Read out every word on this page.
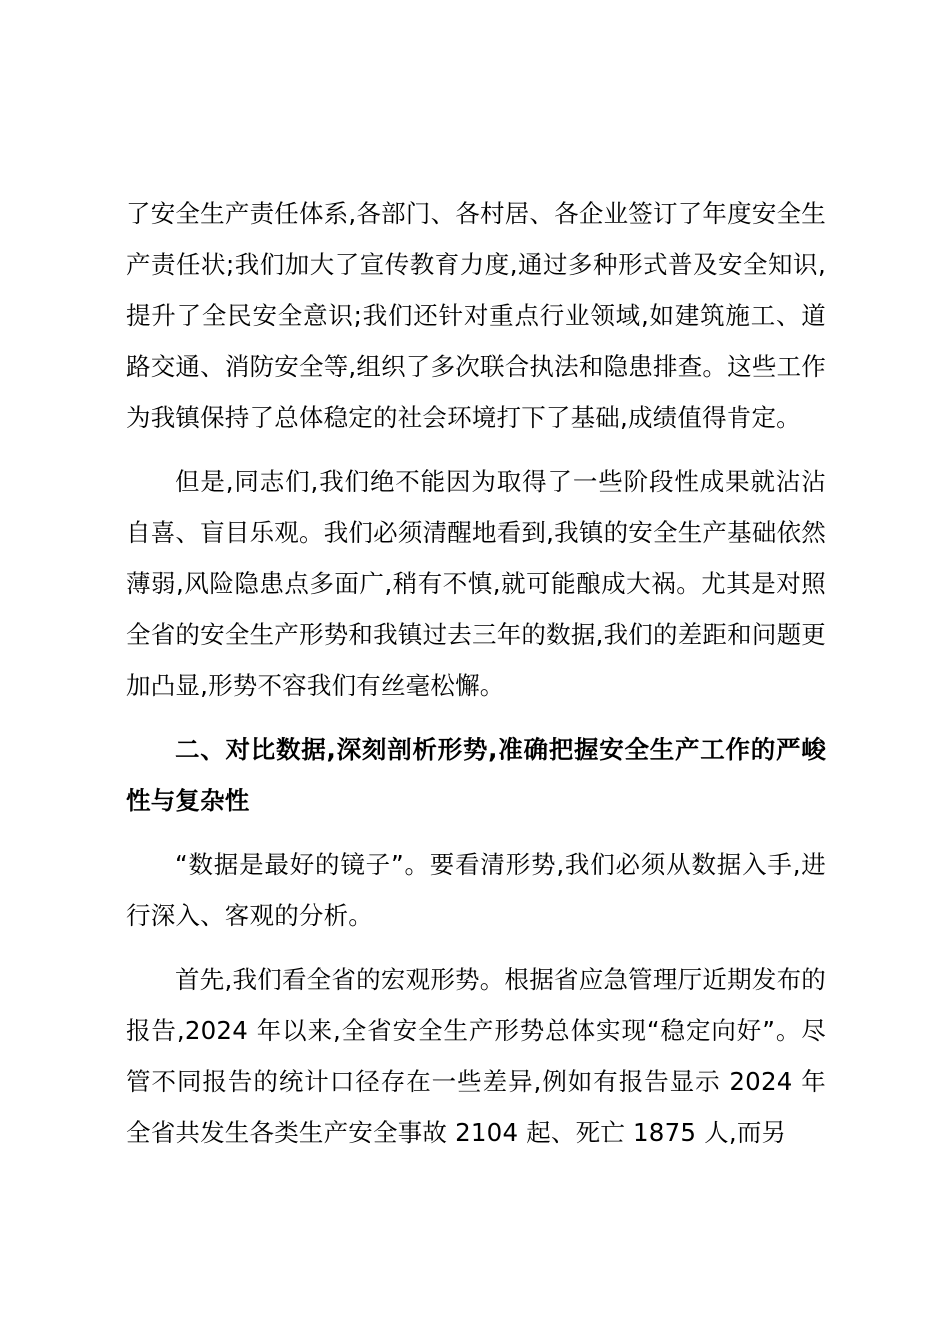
了安全生产责任体系,各部门、各村居、各企业签订了年度安全生产责任状;我们加大了宣传教育力度,通过多种形式普及安全知识,提升了全民安全意识;我们还针对重点行业领域,如建筑施工、道路交通、消防安全等,组织了多次联合执法和隐患排查。这些工作为我镇保持了总体稳定的社会环境打下了基础,成绩值得肯定。

但是,同志们,我们绝不能因为取得了一些阶段性成果就沾沾自喜、盲目乐观。我们必须清醒地看到,我镇的安全生产基础依然薄弱,风险隐患点多面广,稍有不慎,就可能酿成大祸。尤其是对照全省的安全生产形势和我镇过去三年的数据,我们的差距和问题更加凸显,形势不容我们有丝毫松懈。

二、对比数据,深刻剖析形势,准确把握安全生产工作的严峻性与复杂性

“数据是最好的镜子”。要看清形势,我们必须从数据入手,进行深入、客观的分析。

首先,我们看全省的宏观形势。根据省应急管理厅近期发布的报告,2024 年以来,全省安全生产形势总体实现“稳定向好”。尽管不同报告的统计口径存在一些差异,例如有报告显示 2024 年全省共发生各类生产安全事故 2104 起、死亡 1875 人,而另
